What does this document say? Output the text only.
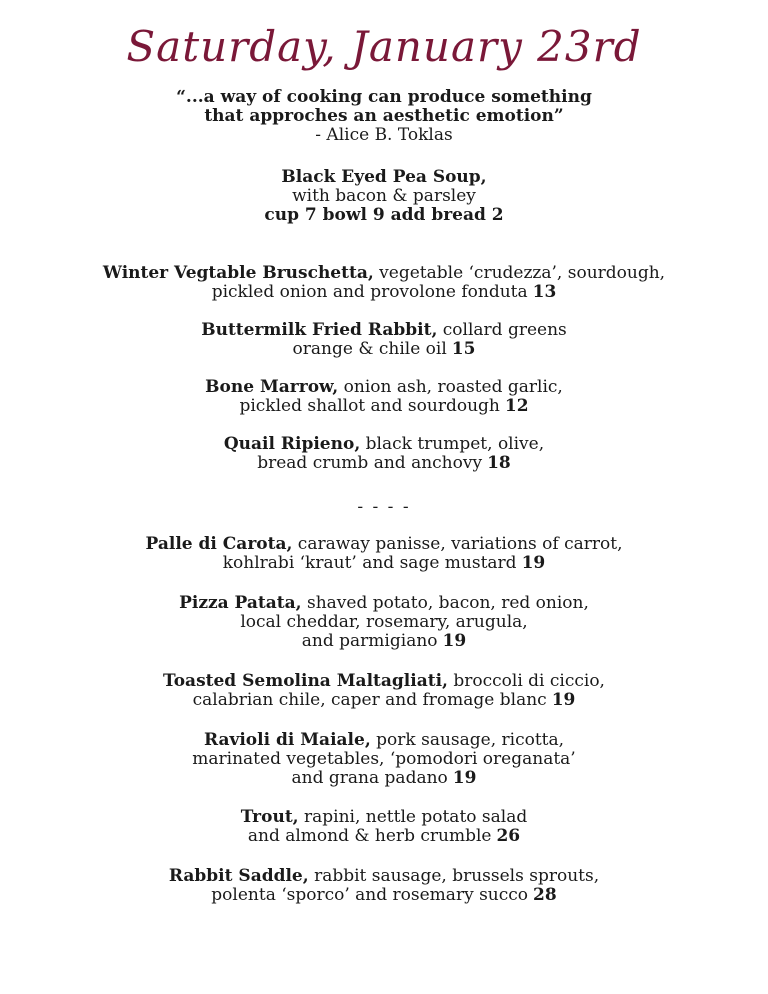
Saturday, January 23rd
“...a way of cooking can produce something
that approches an aesthetic emotion”
- Alice B. Toklas
Black Eyed Pea Soup,
with bacon & parsley
cup 7 bowl 9 add bread 2
Winter Vegtable Bruschetta, vegetable ‘crudezza’, sourdough,
pickled onion and provolone fonduta 13
Buttermilk Fried Rabbit, collard greens
orange & chile oil 15
Bone Marrow, onion ash, roasted garlic,
pickled shallot and sourdough 12
Quail Ripieno, black trumpet, olive,
bread crumb and anchovy 18
- - - -
Palle di Carota, caraway panisse, variations of carrot,
kohlrabi ‘kraut’ and sage mustard 19
Pizza Patata, shaved potato, bacon, red onion,
local cheddar, rosemary, arugula,
and parmigiano 19
Toasted Semolina Maltagliati, broccoli di ciccio,
calabrian chile, caper and fromage blanc 19
Ravioli di Maiale, pork sausage, ricotta,
marinated vegetables, ‘pomodori oreganata’
and grana padano 19
Trout, rapini, nettle potato salad
and almond & herb crumble 26
Rabbit Saddle, rabbit sausage, brussels sprouts,
polenta ‘sporco’ and rosemary succo 28
